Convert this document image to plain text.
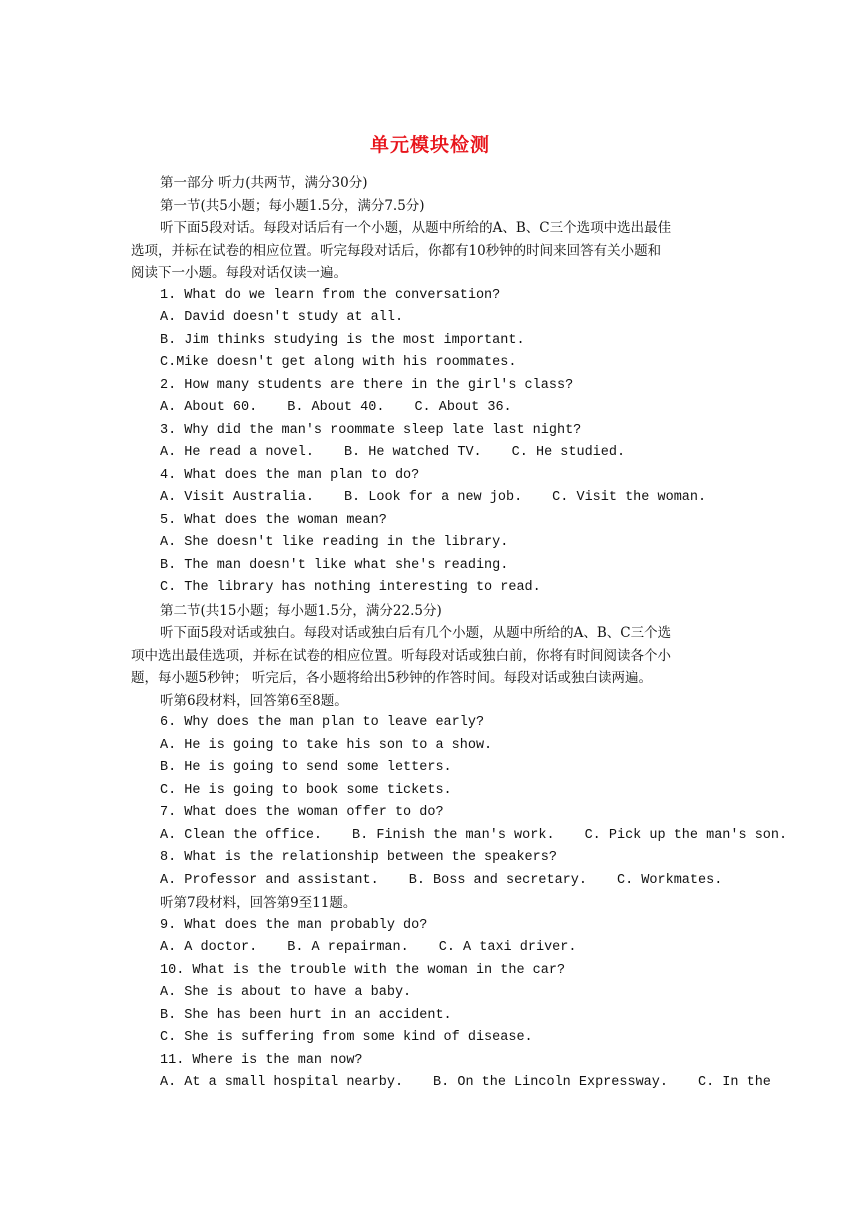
单元模块检测
第一部分 听力(共两节，满分30分)
第一节(共5小题；每小题1.5分，满分7.5分)
听下面5段对话。每段对话后有一个小题，从题中所给的A、B、C三个选项中选出最佳
选项，并标在试卷的相应位置。听完每段对话后，你都有10秒钟的时间来回答有关小题和
阅读下一小题。每段对话仅读一遍。
1. What do we learn from the conversation?
A. David doesn't study at all.
B. Jim thinks studying is the most important.
C.Mike doesn't get along with his roommates.
2. How many students are there in the girl's class?
A. About 60. B. About 40. C. About 36.
3. Why did the man's roommate sleep late last night?
A. He read a novel. B. He watched TV. C. He studied.
4. What does the man plan to do?
A. Visit Australia. B. Look for a new job. C. Visit the woman.
5. What does the woman mean?
A. She doesn't like reading in the library.
B. The man doesn't like what she's reading.
C. The library has nothing interesting to read.
第二节(共15小题；每小题1.5分，满分22.5分)
听下面5段对话或独白。每段对话或独白后有几个小题，从题中所给的A、B、C三个选
项中选出最佳选项，并标在试卷的相应位置。听每段对话或独白前，你将有时间阅读各个小
题，每小题5秒钟； 听完后，各小题将给出5秒钟的作答时间。每段对话或独白读两遍。
听第6段材料，回答第6至8题。
6. Why does the man plan to leave early?
A. He is going to take his son to a show.
B. He is going to send some letters.
C. He is going to book some tickets.
7. What does the woman offer to do?
A. Clean the office. B. Finish the man's work. C. Pick up the man's son.
8. What is the relationship between the speakers?
A. Professor and assistant. B. Boss and secretary. C. Workmates.
听第7段材料，回答第9至11题。
9. What does the man probably do?
A. A doctor. B. A repairman. C. A taxi driver.
10. What is the trouble with the woman in the car?
A. She is about to have a baby.
B. She has been hurt in an accident.
C. She is suffering from some kind of disease.
11. Where is the man now?
A. At a small hospital nearby. B. On the Lincoln Expressway. C. In the
